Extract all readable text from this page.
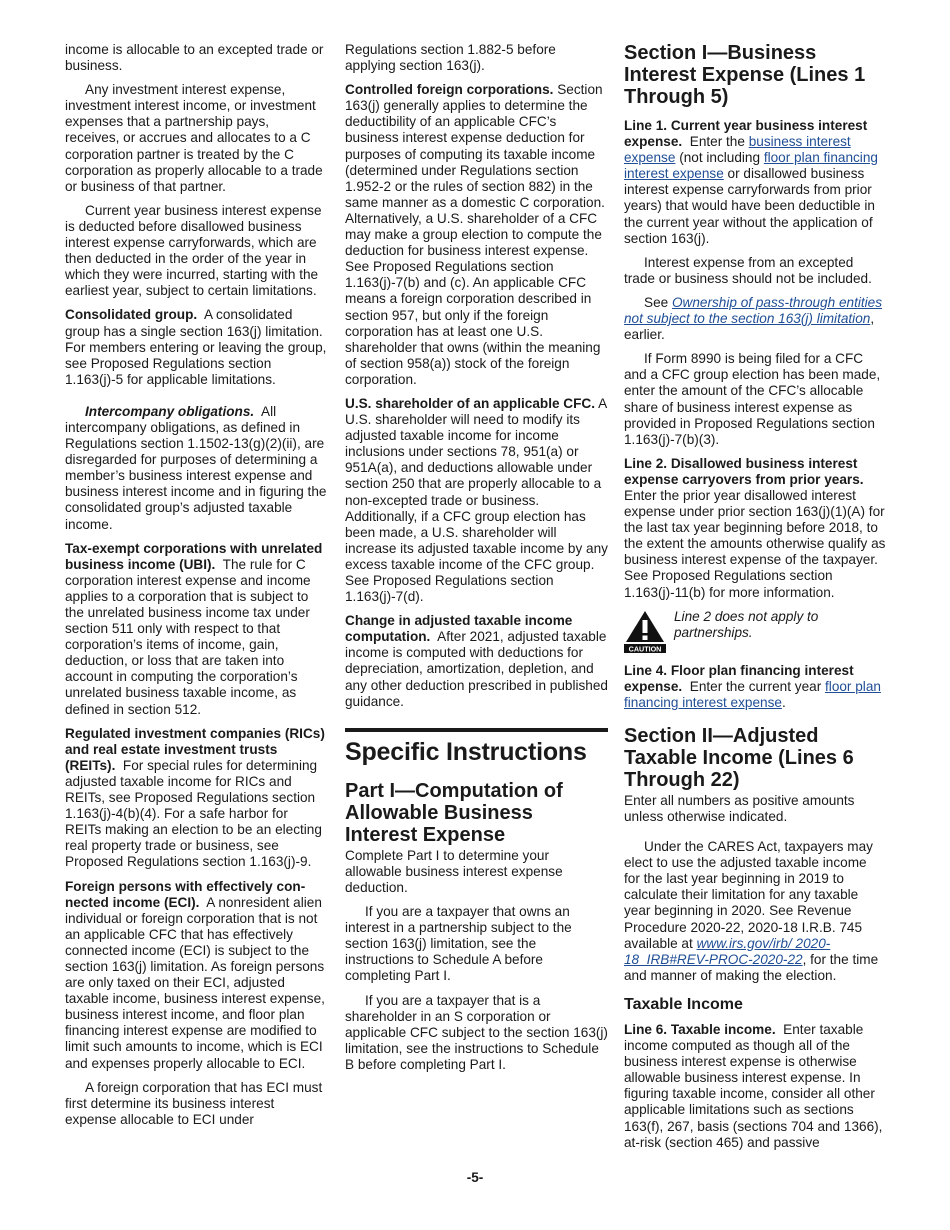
income is allocable to an excepted trade or business.

Any investment interest expense, investment interest income, or investment expenses that a partnership pays, receives, or accrues and allocates to a C corporation partner is treated by the C corporation as properly allocable to a trade or business of that partner.

Current year business interest expense is deducted before disallowed business interest expense carryforwards, which are then deducted in the order of the year in which they were incurred, starting with the earliest year, subject to certain limitations.

Consolidated group. A consolidated group has a single section 163(j) limitation. For members entering or leaving the group, see Proposed Regulations section 1.163(j)-5 for applicable limitations.

Intercompany obligations. All intercompany obligations, as defined in Regulations section 1.1502-13(g)(2)(ii), are disregarded for purposes of determining a member’s business interest expense and business interest income and in figuring the consolidated group’s adjusted taxable income.

Tax-exempt corporations with unrelated business income (UBI). The rule for C corporation interest expense and income applies to a corporation that is subject to the unrelated business income tax under section 511 only with respect to that corporation’s items of income, gain, deduction, or loss that are taken into account in computing the corporation’s unrelated business taxable income, as defined in section 512.

Regulated investment companies (RICs) and real estate investment trusts (REITs). For special rules for determining adjusted taxable income for RICs and REITs, see Proposed Regulations section 1.163(j)-4(b)(4). For a safe harbor for REITs making an election to be an electing real property trade or business, see Proposed Regulations section 1.163(j)-9.

Foreign persons with effectively connected income (ECI). A nonresident alien individual or foreign corporation that is not an applicable CFC that has effectively connected income (ECI) is subject to the section 163(j) limitation. As foreign persons are only taxed on their ECI, adjusted taxable income, business interest expense, business interest income, and floor plan financing interest expense are modified to limit such amounts to income, which is ECI and expenses properly allocable to ECI.

A foreign corporation that has ECI must first determine its business interest expense allocable to ECI under

Regulations section 1.882-5 before applying section 163(j).

Controlled foreign corporations. Section 163(j) generally applies to determine the deductibility of an applicable CFC’s business interest expense deduction for purposes of computing its taxable income (determined under Regulations section 1.952-2 or the rules of section 882) in the same manner as a domestic C corporation. Alternatively, a U.S. shareholder of a CFC may make a group election to compute the deduction for business interest expense. See Proposed Regulations section 1.163(j)-7(b) and (c). An applicable CFC means a foreign corporation described in section 957, but only if the foreign corporation has at least one U.S. shareholder that owns (within the meaning of section 958(a)) stock of the foreign corporation.

U.S. shareholder of an applicable CFC. A U.S. shareholder will need to modify its adjusted taxable income for income inclusions under sections 78, 951(a) or 951A(a), and deductions allowable under section 250 that are properly allocable to a non-excepted trade or business. Additionally, if a CFC group election has been made, a U.S. shareholder will increase its adjusted taxable income by any excess taxable income of the CFC group. See Proposed Regulations section 1.163(j)-7(d).

Change in adjusted taxable income computation. After 2021, adjusted taxable income is computed with deductions for depreciation, amortization, depletion, and any other deduction prescribed in published guidance.

Specific Instructions
Part I—Computation of Allowable Business Interest Expense

Complete Part I to determine your allowable business interest expense deduction.

If you are a taxpayer that owns an interest in a partnership subject to the section 163(j) limitation, see the instructions to Schedule A before completing Part I.

If you are a taxpayer that is a shareholder in an S corporation or applicable CFC subject to the section 163(j) limitation, see the instructions to Schedule B before completing Part I.

Section I—Business Interest Expense (Lines 1 Through 5)

Line 1. Current year business interest expense. Enter the business interest expense (not including floor plan financing interest expense or disallowed business interest expense carryforwards from prior years) that would have been deductible in the current year without the application of section 163(j).

Interest expense from an excepted trade or business should not be included.

See Ownership of pass-through entities not subject to the section 163(j) limitation, earlier.

If Form 8990 is being filed for a CFC and a CFC group election has been made, enter the amount of the CFC’s allocable share of business interest expense as provided in Proposed Regulations section 1.163(j)-7(b)(3).

Line 2. Disallowed business interest expense carryovers from prior years. Enter the prior year disallowed interest expense under prior section 163(j)(1)(A) for the last tax year beginning before 2018, to the extent the amounts otherwise qualify as business interest expense of the taxpayer. See Proposed Regulations section 1.163(j)-11(b) for more information.

CAUTION
Line 2 does not apply to partnerships.

Line 4. Floor plan financing interest expense. Enter the current year floor plan financing interest expense.

Section II—Adjusted Taxable Income (Lines 6 Through 22)

Enter all numbers as positive amounts unless otherwise indicated.

Under the CARES Act, taxpayers may elect to use the adjusted taxable income for the last year beginning in 2019 to calculate their limitation for any taxable year beginning in 2020. See Revenue Procedure 2020-22, 2020-18 I.R.B. 745 available at www.irs.gov/irb/ 2020-18_IRB#REV-PROC-2020-22, for the time and manner of making the election.

Taxable Income

Line 6. Taxable income. Enter taxable income computed as though all of the business interest expense is otherwise allowable business interest expense. In figuring taxable income, consider all other applicable limitations such as sections 163(f), 267, basis (sections 704 and 1366), at-risk (section 465) and passive

-5-
